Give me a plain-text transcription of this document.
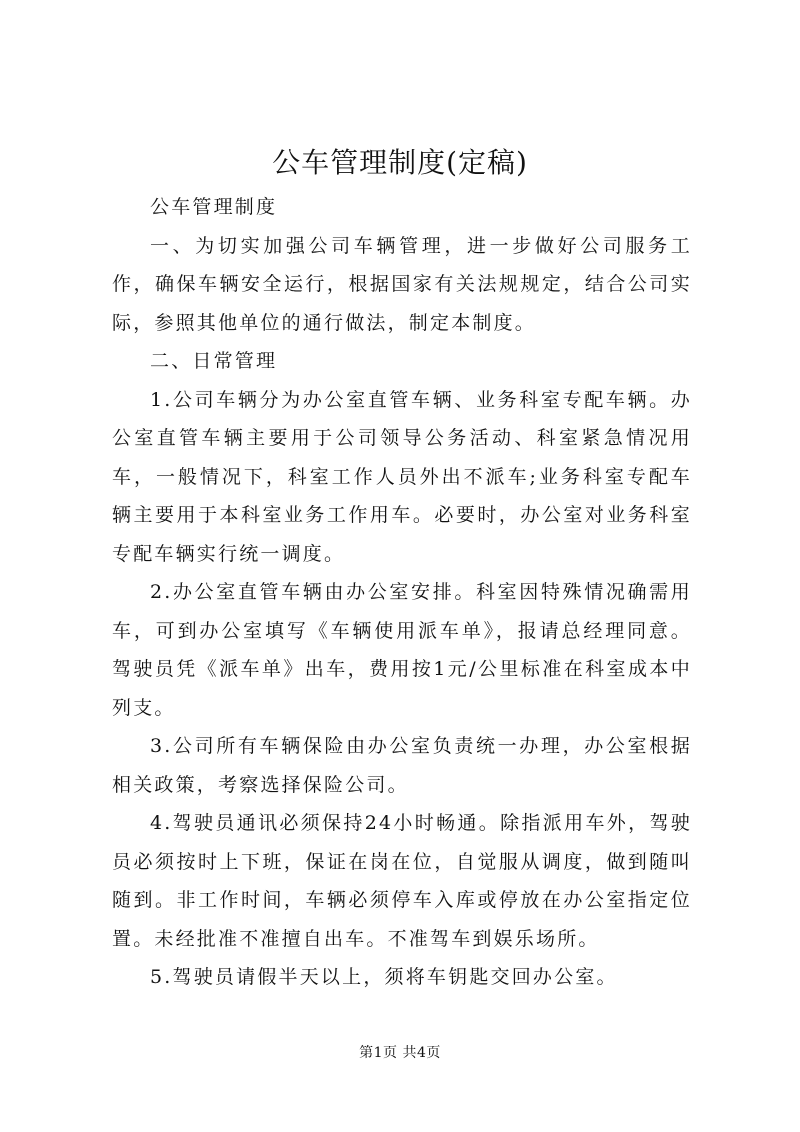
公车管理制度(定稿)

公车管理制度

一、为切实加强公司车辆管理，进一步做好公司服务工作，确保车辆安全运行，根据国家有关法规规定，结合公司实际，参照其他单位的通行做法，制定本制度。

二、日常管理

1.公司车辆分为办公室直管车辆、业务科室专配车辆。办公室直管车辆主要用于公司领导公务活动、科室紧急情况用车，一般情况下，科室工作人员外出不派车;业务科室专配车辆主要用于本科室业务工作用车。必要时，办公室对业务科室专配车辆实行统一调度。

2.办公室直管车辆由办公室安排。科室因特殊情况确需用车，可到办公室填写《车辆使用派车单》，报请总经理同意。驾驶员凭《派车单》出车，费用按1元/公里标准在科室成本中列支。

3.公司所有车辆保险由办公室负责统一办理，办公室根据相关政策，考察选择保险公司。

4.驾驶员通讯必须保持24小时畅通。除指派用车外，驾驶员必须按时上下班，保证在岗在位，自觉服从调度，做到随叫随到。非工作时间，车辆必须停车入库或停放在办公室指定位置。未经批准不准擅自出车。不准驾车到娱乐场所。

5.驾驶员请假半天以上，须将车钥匙交回办公室。

第1页 共4页
